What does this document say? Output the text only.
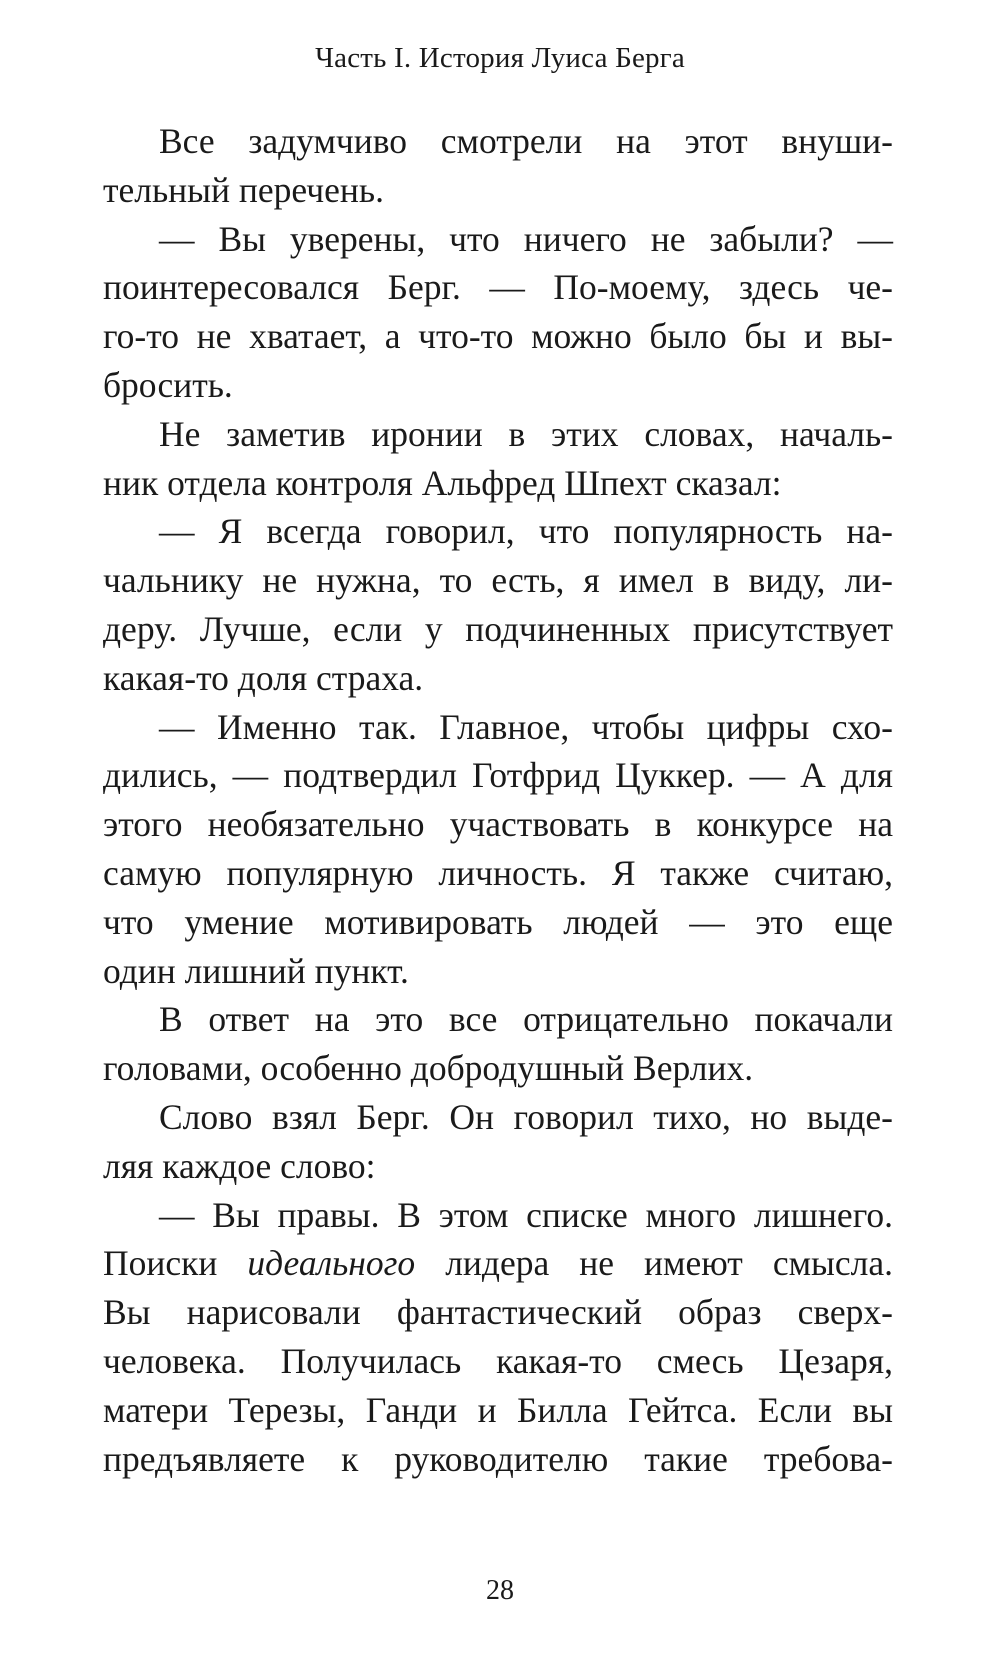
Часть I. История Луиса Берга
Все задумчиво смотрели на этот внуши-
тельный перечень.
— Вы уверены, что ничего не забыли? —
поинтересовался Берг. — По-моему, здесь че-
го-то не хватает, а что-то можно было бы и вы-
бросить.
Не заметив иронии в этих словах, началь-
ник отдела контроля Альфред Шпехт сказал:
— Я всегда говорил, что популярность на-
чальнику не нужна, то есть, я имел в виду, ли-
деру. Лучше, если у подчиненных присутствует
какая-то доля страха.
— Именно так. Главное, чтобы цифры схо-
дились, — подтвердил Готфрид Цуккер. — А для
этого необязательно участвовать в конкурсе на
самую популярную личность. Я также считаю,
что умение мотивировать людей — это еще
один лишний пункт.
В ответ на это все отрицательно покачали
головами, особенно добродушный Верлих.
Слово взял Берг. Он говорил тихо, но выде-
ляя каждое слово:
— Вы правы. В этом списке много лишнего.
Поиски идеального лидера не имеют смысла.
Вы нарисовали фантастический образ сверх-
человека. Получилась какая-то смесь Цезаря,
матери Терезы, Ганди и Билла Гейтса. Если вы
предъявляете к руководителю такие требова-
28
